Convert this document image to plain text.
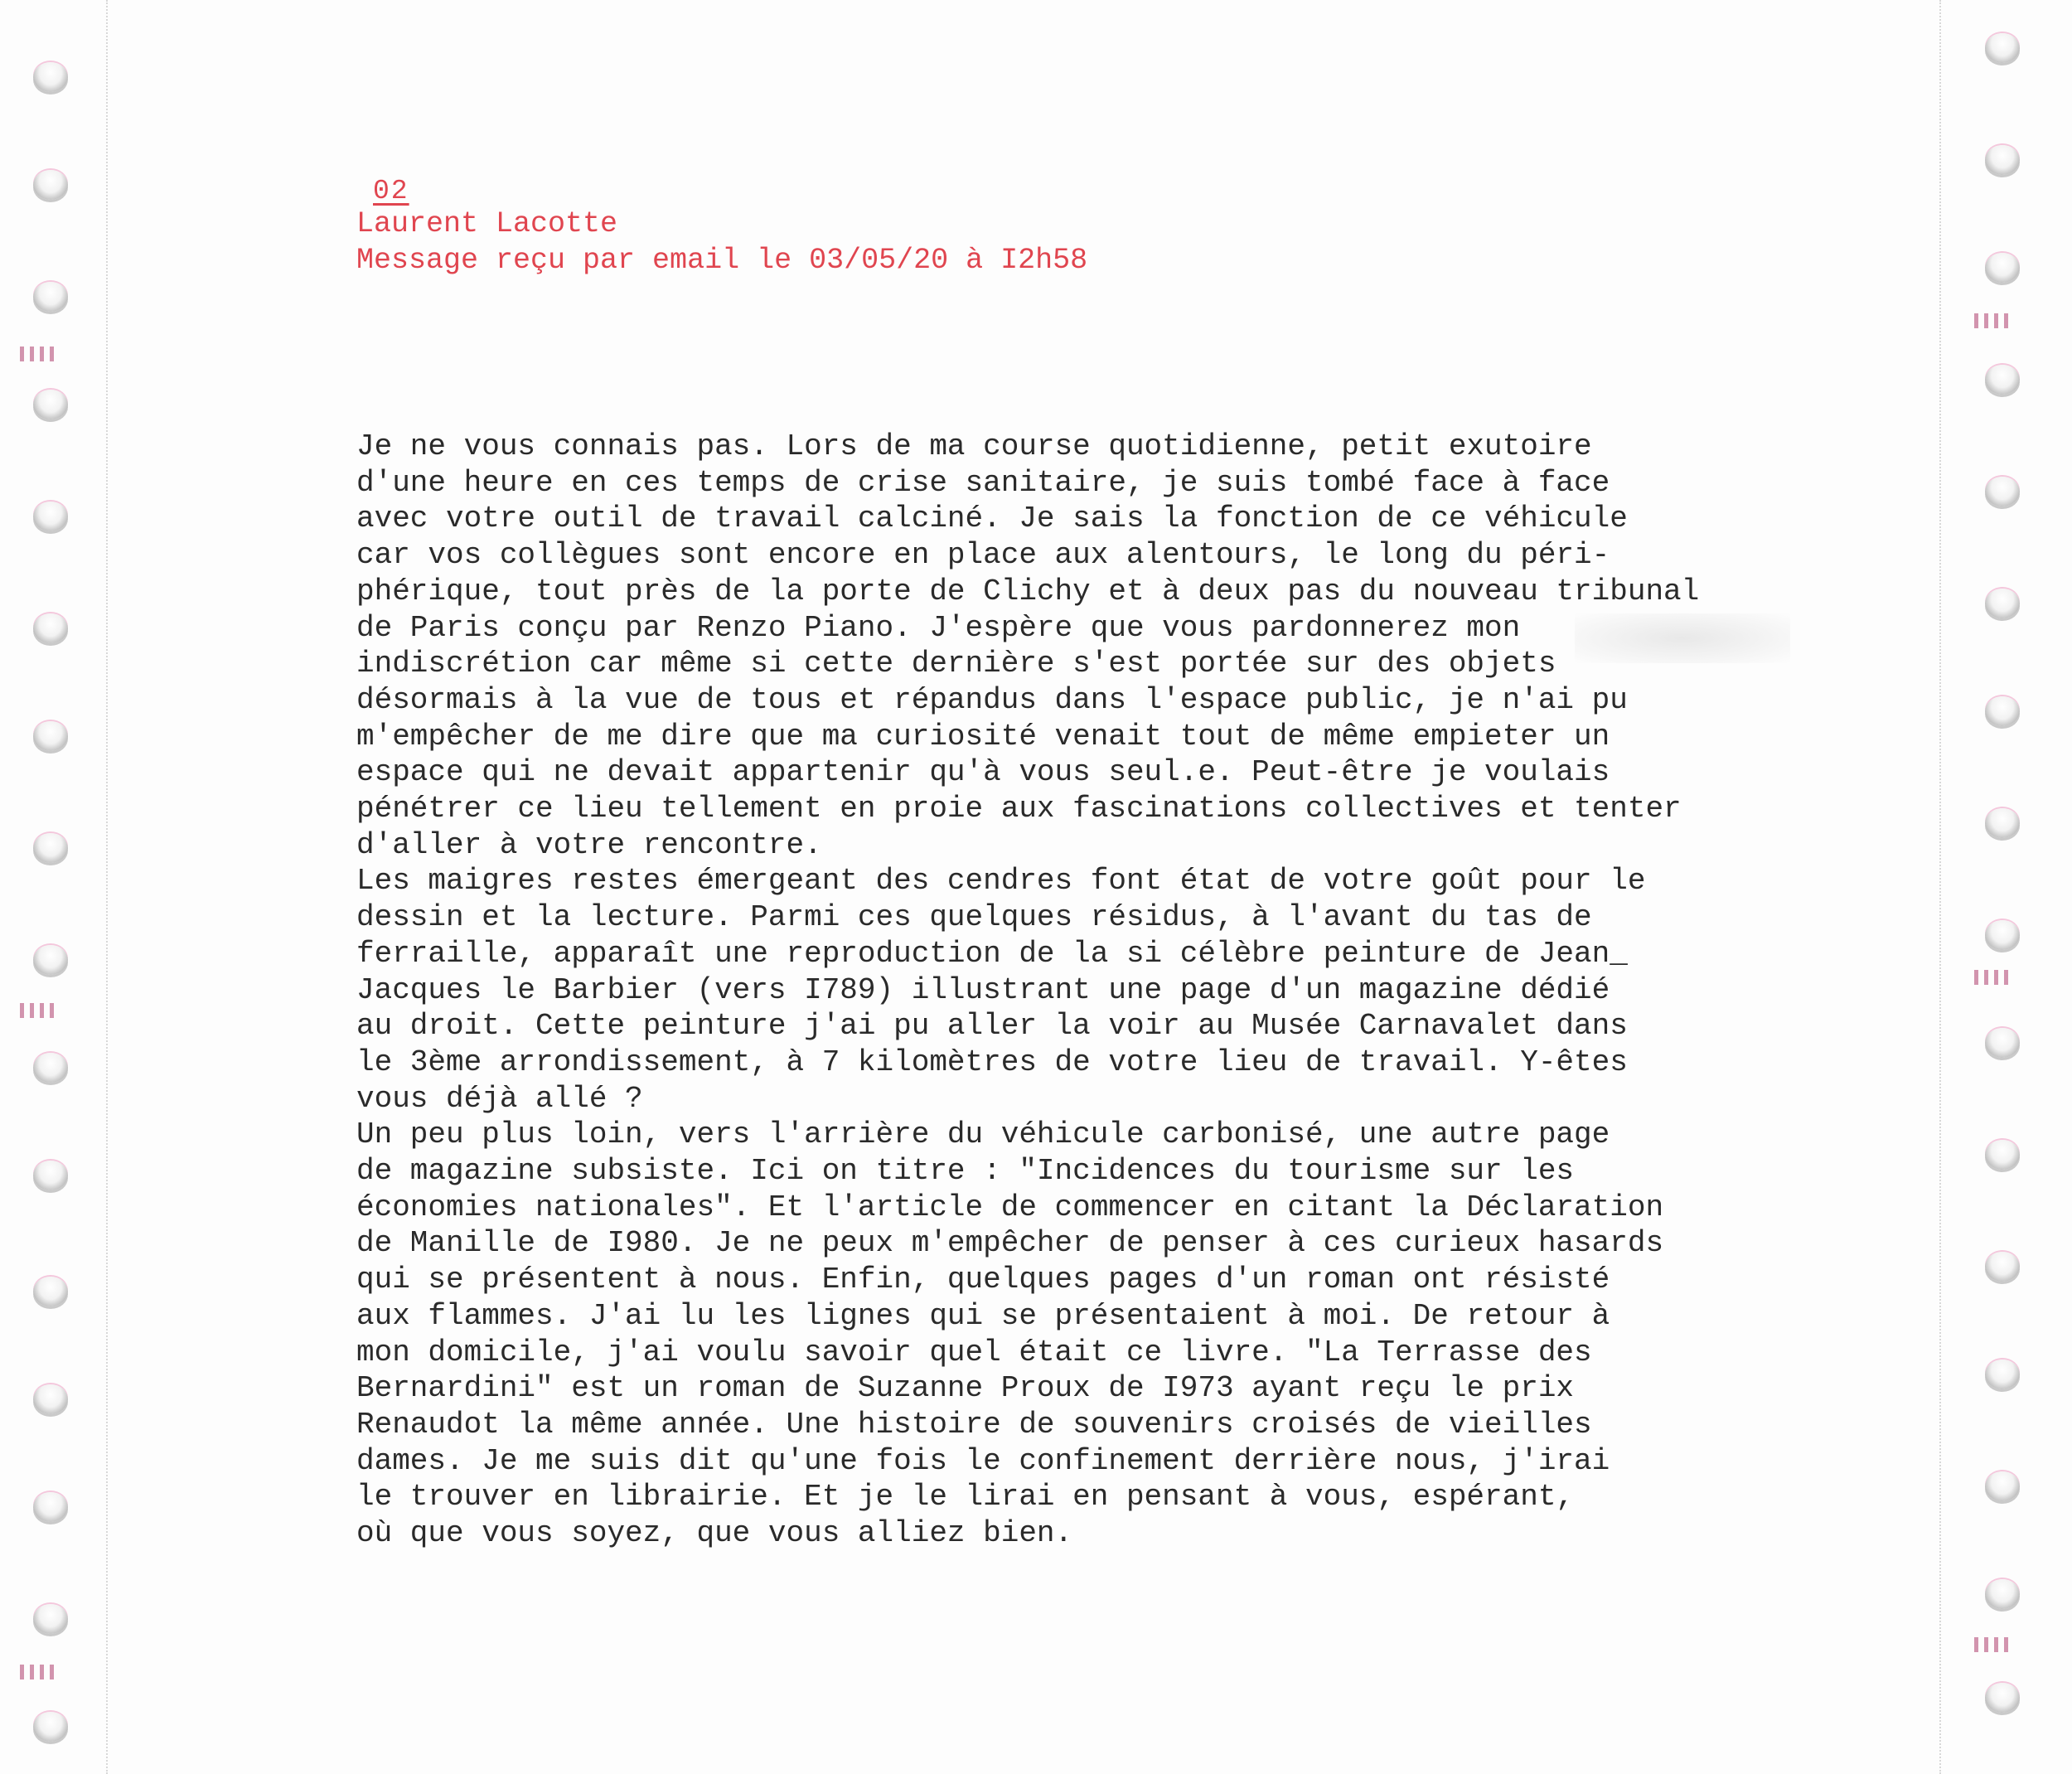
02
Laurent Lacotte
Message reçu par email le 03/05/20 à I2h58
Je ne vous connais pas. Lors de ma course quotidienne, petit exutoire
d'une heure en ces temps de crise sanitaire, je suis tombé face à face
avec votre outil de travail calciné. Je sais la fonction de ce véhicule
car vos collègues sont encore en place aux alentours, le long du péri-
phérique, tout près de la porte de Clichy et à deux pas du nouveau tribunal
de Paris conçu par Renzo Piano. J'espère que vous pardonnerez mon
indiscrétion car même si cette dernière s'est portée sur des objets
désormais à la vue de tous et répandus dans l'espace public, je n'ai pu
m'empêcher de me dire que ma curiosité venait tout de même empieter un
espace qui ne devait appartenir qu'à vous seul.e. Peut-être je voulais
pénétrer ce lieu tellement en proie aux fascinations collectives et tenter
d'aller à votre rencontre.
Les maigres restes émergeant des cendres font état de votre goût pour le
dessin et la lecture. Parmi ces quelques résidus, à l'avant du tas de
ferraille, apparaît une reproduction de la si célèbre peinture de Jean_
Jacques le Barbier (vers I789) illustrant une page d'un magazine dédié
au droit. Cette peinture j'ai pu aller la voir au Musée Carnavalet dans
le 3ème arrondissement, à 7 kilomètres de votre lieu de travail. Y-êtes
vous déjà allé ?
Un peu plus loin, vers l'arrière du véhicule carbonisé, une autre page
de magazine subsiste. Ici on titre : "Incidences du tourisme sur les
économies nationales". Et l'article de commencer en citant la Déclaration
de Manille de I980. Je ne peux m'empêcher de penser à ces curieux hasards
qui se présentent à nous. Enfin, quelques pages d'un roman ont résisté
aux flammes. J'ai lu les lignes qui se présentaient à moi. De retour à
mon domicile, j'ai voulu savoir quel était ce livre. "La Terrasse des
Bernardini" est un roman de Suzanne Proux de I973 ayant reçu le prix
Renaudot la même année. Une histoire de souvenirs croisés de vieilles
dames. Je me suis dit qu'une fois le confinement derrière nous, j'irai
le trouver en librairie. Et je le lirai en pensant à vous, espérant,
où que vous soyez, que vous alliez bien.
